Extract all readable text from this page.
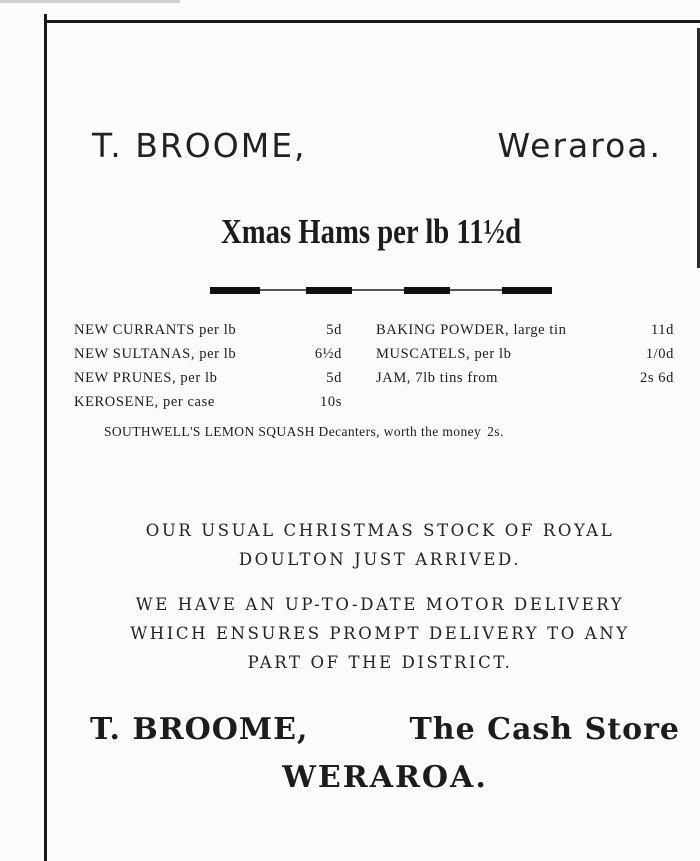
T. BROOME,	Weraroa.
Xmas Hams per lb 11½d
NEW CURRANTS per lb	5d BAKING POWDER, large tin	11d
NEW SULTANAS, per lb	6½d MUSCATELS, per lb	1/0d
NEW PRUNES, per lb	5d JAM, 7lb tins from	2s 6d
KEROSENE, per case	10s
SOUTHWELL'S LEMON SQUASH Decanters, worth the money 2s.
OUR USUAL CHRISTMAS STOCK OF ROYAL
DOULTON JUST ARRIVED.
WE HAVE AN UP-TO-DATE MOTOR DELIVERY
WHICH ENSURES PROMPT DELIVERY TO ANY
PART OF THE DISTRICT.
T. BROOME,	The Cash Store
WERAROA.
